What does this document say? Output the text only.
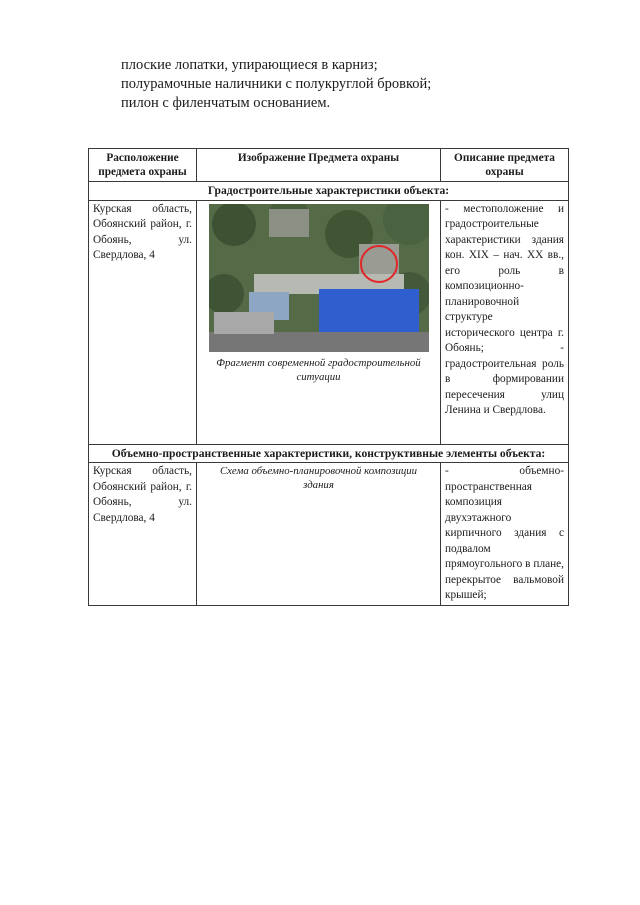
плоские лопатки, упирающиеся в карниз;
полурамочные наличники с полукруглой бровкой;
пилон с филенчатым основанием.
Расположение предмета охраны	Изображение Предмета охраны	Описание предмета охраны
Градостроительные характеристики объекта:		
Курская область, Обоянский район, г. Обоянь, ул. Свердлова, 4	Фрагмент современной градостроительной ситуации	- местоположение и градостроительные характеристики здания кон. XIX – нач. XX вв., его роль в композиционно-планировочной структуре исторического центра г. Обоянь; - градостроительная роль в формировании пересечения улиц Ленина и Свердлова.
Объемно-пространственные характеристики, конструктивные элементы объекта:		
Курская область, Обоянский район, г. Обоянь, ул. Свердлова, 4	Схема объемно-планировочной композиции здания	- объемно-пространственная композиция двухэтажного кирпичного здания с подвалом прямоугольного в плане, перекрытое вальмовой крышей;
